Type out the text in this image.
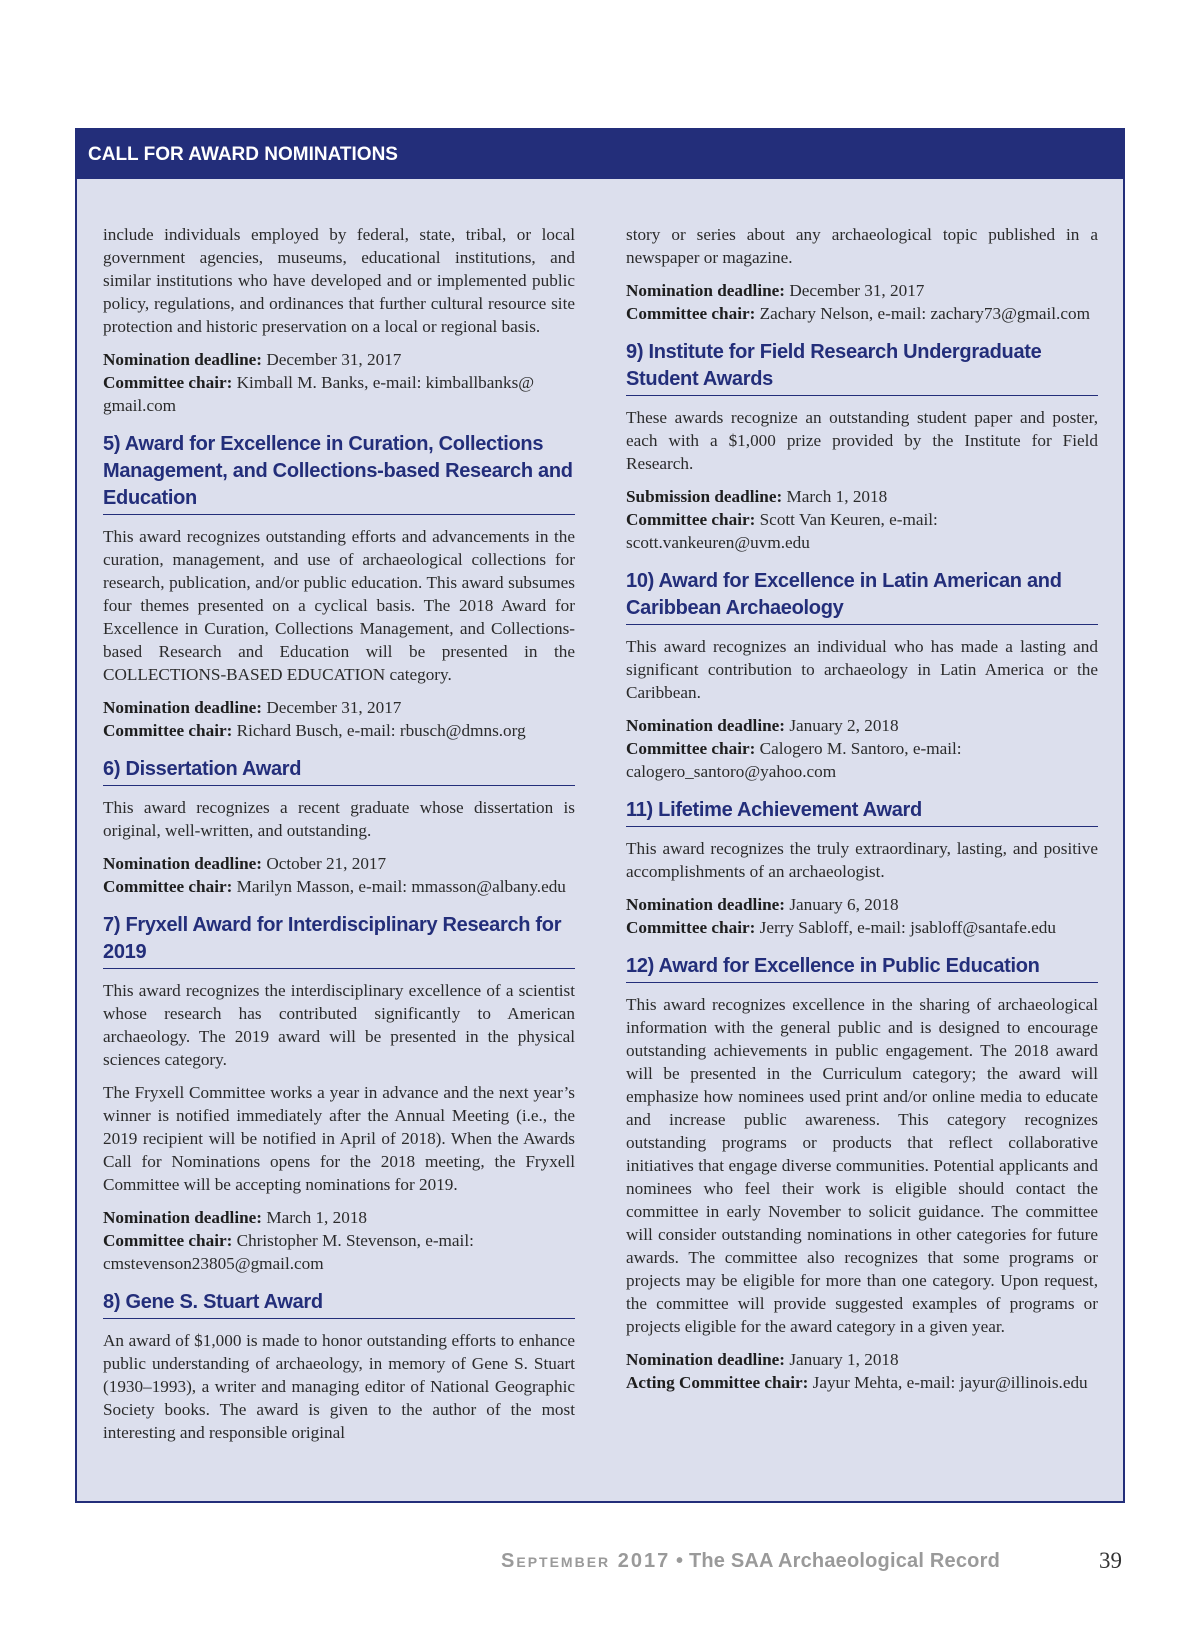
CALL FOR AWARD NOMINATIONS

include individuals employed by federal, state, tribal, or local government agencies, museums, educational institutions, and similar institutions who have developed and or implemented public policy, regulations, and ordinances that further cultural resource site protection and historic preservation on a local or regional basis.

Nomination deadline: December 31, 2017
Committee chair: Kimball M. Banks, e-mail: kimballbanks@ gmail.com

5) Award for Excellence in Curation, Collections Management, and Collections-based Research and Education

This award recognizes outstanding efforts and advancements in the curation, management, and use of archaeological collections for research, publication, and/or public education. This award subsumes four themes presented on a cyclical basis. The 2018 Award for Excellence in Curation, Collections Management, and Collections-based Research and Education will be presented in the COLLECTIONS-BASED EDUCATION category.

Nomination deadline: December 31, 2017
Committee chair: Richard Busch, e-mail: rbusch@dmns.org

6) Dissertation Award

This award recognizes a recent graduate whose dissertation is original, well-written, and outstanding.

Nomination deadline: October 21, 2017
Committee chair: Marilyn Masson, e-mail: mmasson@albany.edu

7) Fryxell Award for Interdisciplinary Research for 2019

This award recognizes the interdisciplinary excellence of a scientist whose research has contributed significantly to American archaeology. The 2019 award will be presented in the physical sciences category.

The Fryxell Committee works a year in advance and the next year’s winner is notified immediately after the Annual Meeting (i.e., the 2019 recipient will be notified in April of 2018). When the Awards Call for Nominations opens for the 2018 meeting, the Fryxell Committee will be accepting nominations for 2019.

Nomination deadline: March 1, 2018
Committee chair: Christopher M. Stevenson, e-mail: cmstevenson23805@gmail.com

8) Gene S. Stuart Award

An award of $1,000 is made to honor outstanding efforts to enhance public understanding of archaeology, in memory of Gene S. Stuart (1930–1993), a writer and managing editor of National Geographic Society books. The award is given to the author of the most interesting and responsible original

story or series about any archaeological topic published in a newspaper or magazine.

Nomination deadline: December 31, 2017
Committee chair: Zachary Nelson, e-mail: zachary73@gmail.com

9) Institute for Field Research Undergraduate Student Awards

These awards recognize an outstanding student paper and poster, each with a $1,000 prize provided by the Institute for Field Research.

Submission deadline: March 1, 2018
Committee chair: Scott Van Keuren, e-mail: scott.vankeuren@uvm.edu

10) Award for Excellence in Latin American and Caribbean Archaeology

This award recognizes an individual who has made a lasting and significant contribution to archaeology in Latin America or the Caribbean.

Nomination deadline: January 2, 2018
Committee chair: Calogero M. Santoro, e-mail: calogero_santoro@yahoo.com

11) Lifetime Achievement Award

This award recognizes the truly extraordinary, lasting, and positive accomplishments of an archaeologist.

Nomination deadline: January 6, 2018
Committee chair: Jerry Sabloff, e-mail: jsabloff@santafe.edu

12) Award for Excellence in Public Education

This award recognizes excellence in the sharing of archaeological information with the general public and is designed to encourage outstanding achievements in public engagement. The 2018 award will be presented in the Curriculum category; the award will emphasize how nominees used print and/or online media to educate and increase public awareness. This category recognizes outstanding programs or products that reflect collaborative initiatives that engage diverse communities. Potential applicants and nominees who feel their work is eligible should contact the committee in early November to solicit guidance. The committee will consider outstanding nominations in other categories for future awards. The committee also recognizes that some programs or projects may be eligible for more than one category. Upon request, the committee will provide suggested examples of programs or projects eligible for the award category in a given year.

Nomination deadline: January 1, 2018
Acting Committee chair: Jayur Mehta, e-mail: jayur@illinois.edu

September 2017 • The SAA Archaeological Record	39
